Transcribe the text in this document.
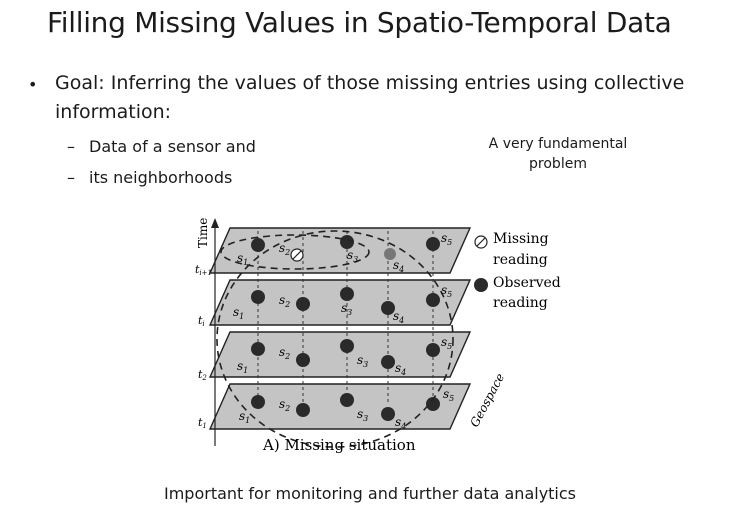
Filling Missing Values in Spatio-Temporal Data
• Goal: Inferring the values of those missing entries using collective information:
– Data of a sensor and
– its neighborhoods
A very fundamental problem
Time
ti+1
ti
t2
t1
$s_1$
$s_2$	$s_3$	$s_4$
$s_5$
$s_1$
$s_2$	$s_3$	$s_4$
$s_5$
$s_1$
$s_2$	$s_3$ $s_4$
$s_5$
$s_1$
$s_2$	$s_3$ $s_4$
$s_5$ Geospace
Missing
reading
Observed
reading
A) Missing situation
Important for monitoring and further data analytics
